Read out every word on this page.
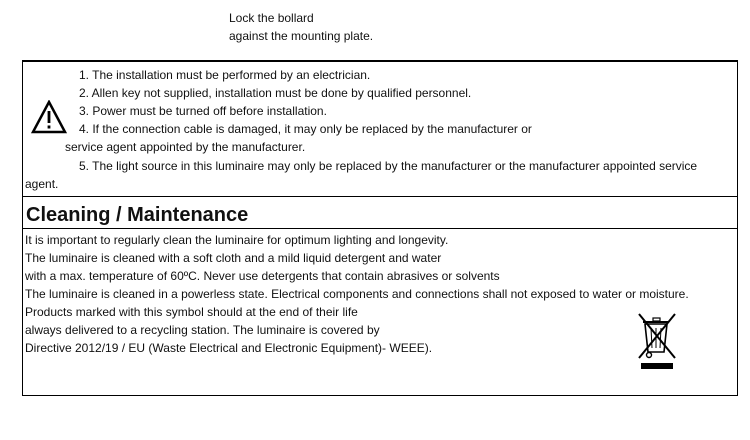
Lock the bollard
against the mounting plate.
1. The installation must be performed by an electrician.
2. Allen key not supplied, installation must be done by qualified personnel.
3. Power must be turned off before installation.
4. If the connection cable is damaged, it may only be replaced by the manufacturer or
service agent appointed by the manufacturer.
5. The light source in this luminaire may only be replaced by the manufacturer or the manufacturer appointed service
agent.
Cleaning / Maintenance
It is important to regularly clean the luminaire for optimum lighting and longevity.
The luminaire is cleaned with a soft cloth and a mild liquid detergent and water
with a max. temperature of 60ºC. Never use detergents that contain abrasives or solvents
The luminaire is cleaned in a powerless state. Electrical components and connections shall not exposed to water or moisture.
Products marked with this symbol should at the end of their life
always delivered to a recycling station. The luminaire is covered by
Directive 2012/19 / EU (Waste Electrical and Electronic Equipment)- WEEE).
